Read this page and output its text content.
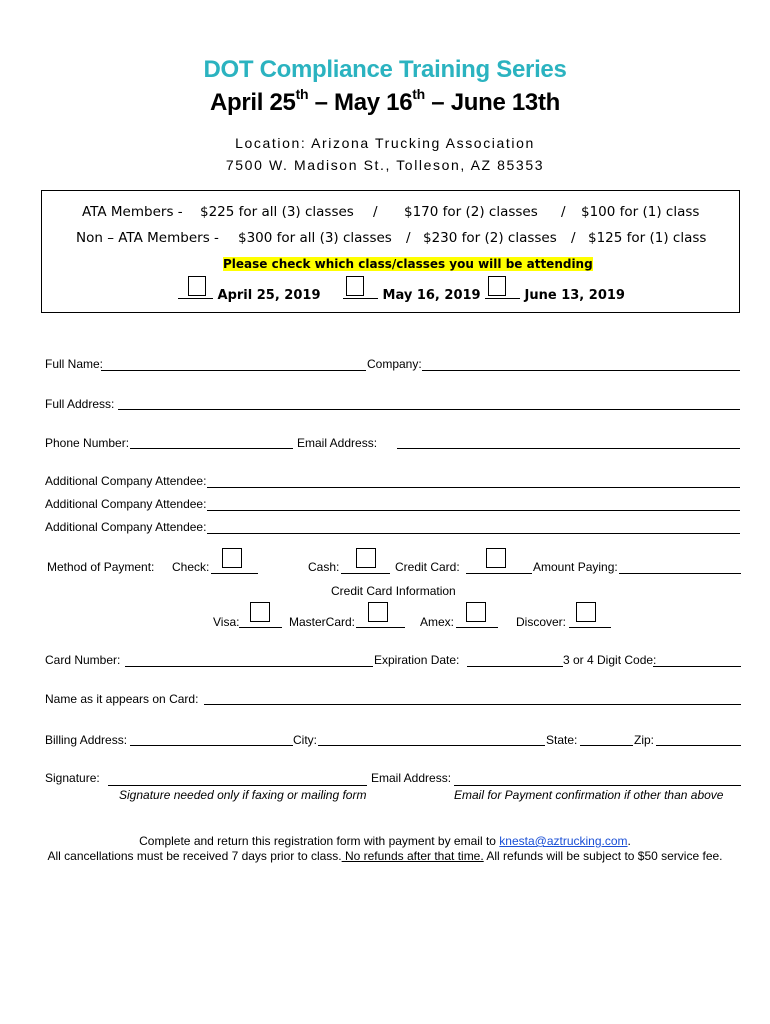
DOT Compliance Training Series
April 25th – May 16th – June 13th
Location: Arizona Trucking Association
7500 W. Madison St., Tolleson, AZ 85353
ATA Members - $225 for all (3) classes / $170 for (2) classes / $100 for (1) class
Non – ATA Members - $300 for all (3) classes / $230 for (2) classes / $125 for (1) class
Please check which class/classes you will be attending
April 25, 2019	May 16, 2019	June 13, 2019
Full Name:	Company:
Full Address:
Phone Number:	Email Address:
Additional Company Attendee:
Additional Company Attendee:
Additional Company Attendee:
Method of Payment: Check:	Cash:	Credit Card:	Amount Paying:
Credit Card Information
Visa:	MasterCard:	Amex:	Discover:
Card Number:	Expiration Date:	3 or 4 Digit Code:
Name as it appears on Card:
Billing Address:	City:	State:	Zip:
Signature:	Email Address:
Signature needed only if faxing or mailing form	Email for Payment confirmation if other than above
Complete and return this registration form with payment by email to knesta@aztrucking.com.
All cancellations must be received 7 days prior to class. No refunds after that time. All refunds will be subject to $50 service fee.
